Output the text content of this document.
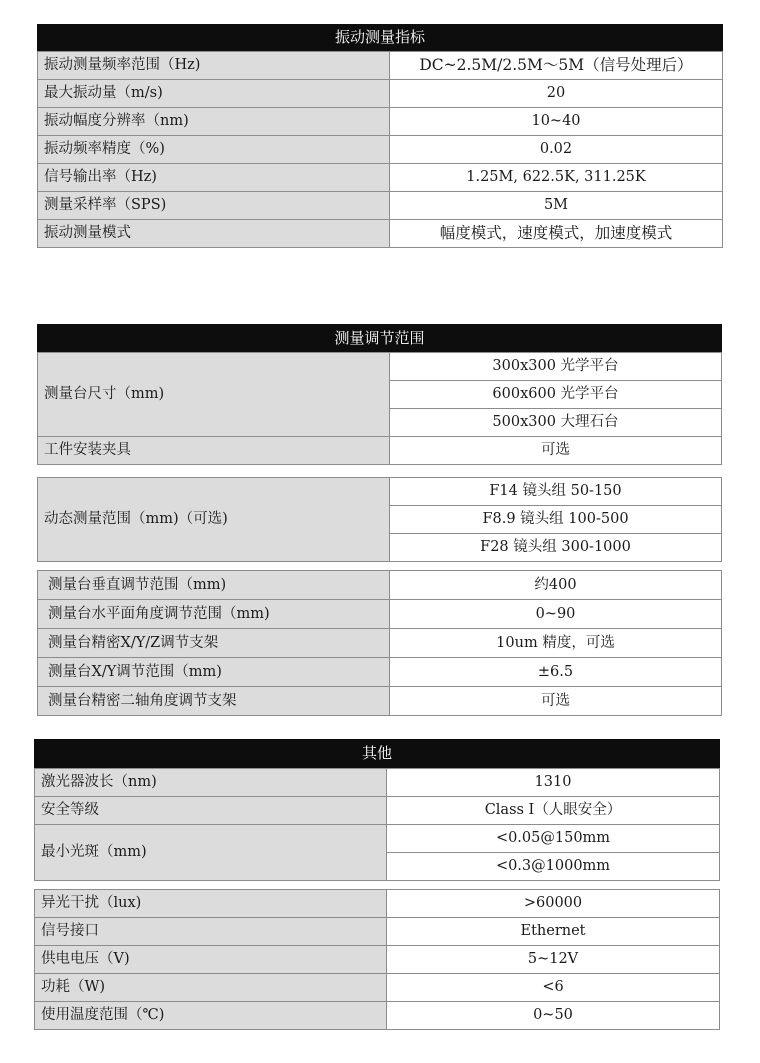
振动测量指标
振动测量频率范围（Hz)	DC~2.5M/2.5M～5M（信号处理后）
最大振动量（m/s)	20
振动幅度分辨率（nm)	10~40
振动频率精度（%)	0.02
信号输出率（Hz)	1.25M, 622.5K, 311.25K
测量采样率（SPS)	5M
振动测量模式	幅度模式，速度模式，加速度模式
测量调节范围
测量台尺寸（mm)	300x300 光学平台
	600x600 光学平台
	500x300 大理石台
工件安装夹具	可选
动态测量范围（mm)（可选)	F14 镜头组 50-150
F8.9 镜头组 100-500
F28 镜头组 300-1000
测量台垂直调节范围（mm)	约400
测量台水平面角度调节范围（mm)	0~90
测量台精密X/Y/Z调节支架	10um 精度，可选
测量台X/Y调节范围（mm)	±6.5
测量台精密二轴角度调节支架	可选
其他
激光器波长（nm)	1310
安全等级	Class I（人眼安全）
最小光斑（mm)	<0.05@150mm
	<0.3@1000mm
异光干扰（lux)	>60000
信号接口	Ethernet
供电电压（V)	5~12V
功耗（W)	<6
使用温度范围（℃)	0~50
